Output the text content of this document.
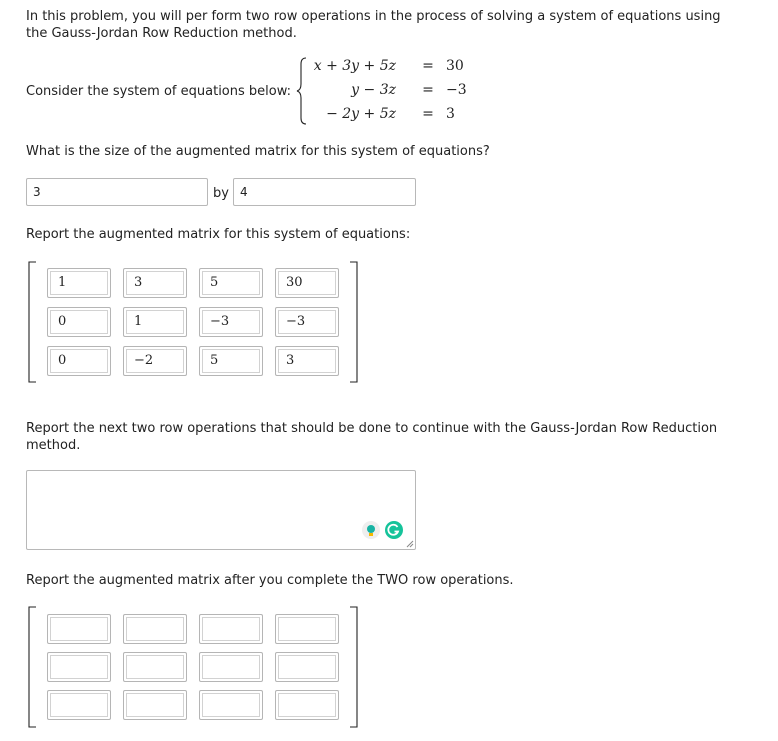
In this problem, you will per form two row operations in the process of solving a system of equations using the Gauss-Jordan Row Reduction method.
Consider the system of equations below:
x + 3y + 5z = 30
y − 3z = −3
− 2y + 5z = 3
What is the size of the augmented matrix for this system of equations?
3	by 4
Report the augmented matrix for this system of equations:
1	3	5	30
0	1	−3	−3
0	−2	5	3
Report the next two row operations that should be done to continue with the Gauss-Jordan Row Reduction method.
Report the augmented matrix after you complete the TWO row operations.
